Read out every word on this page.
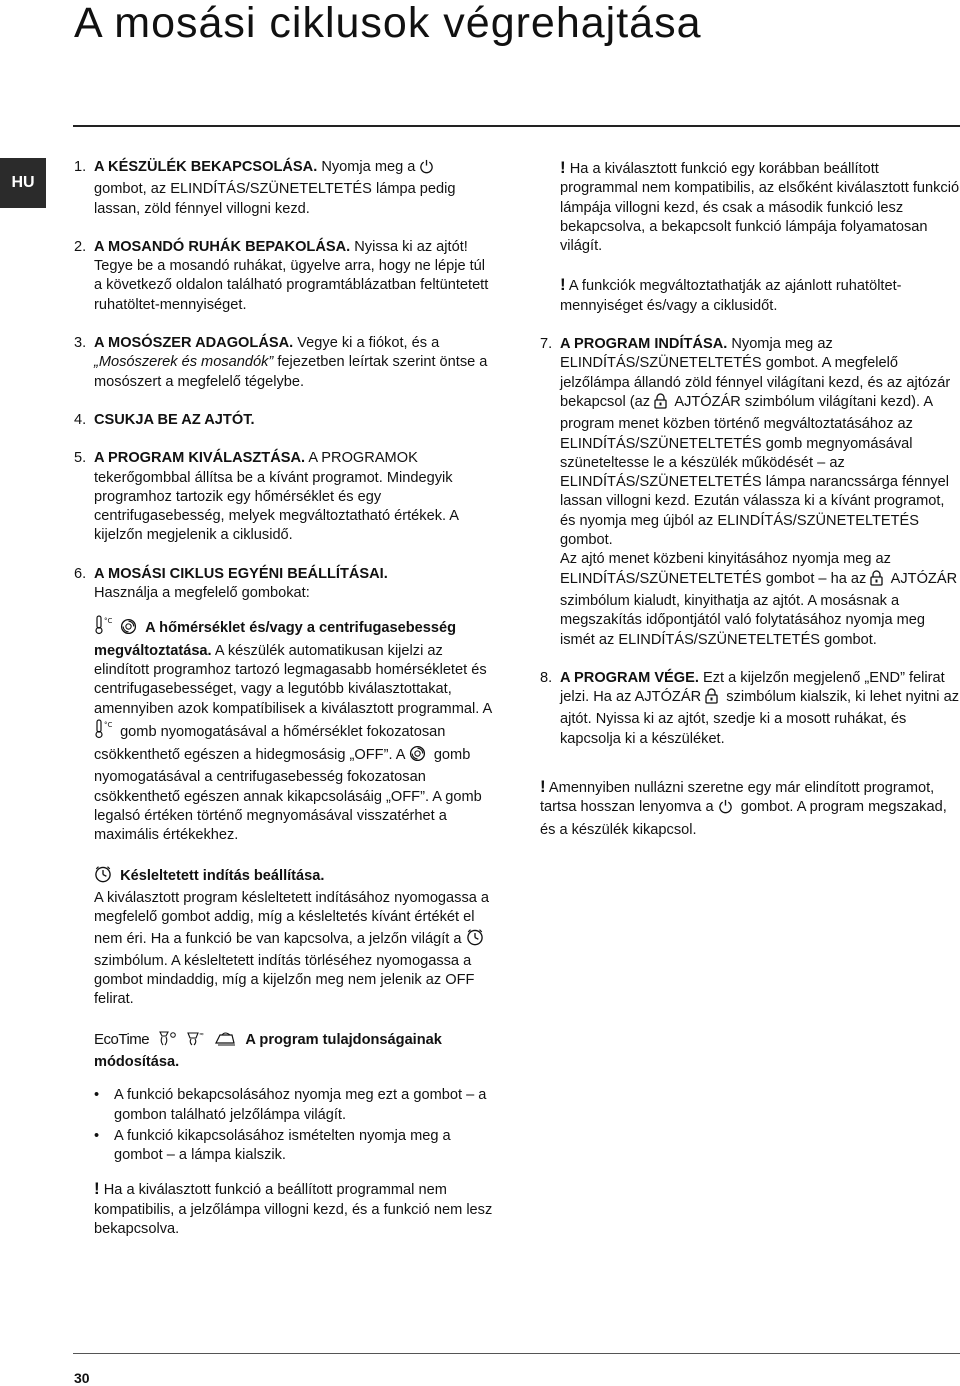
A mosási ciklusok végrehajtása
HU
1. A KÉSZÜLÉK BEKAPCSOLÁSA. Nyomja meg a  gombot, az ELINDÍTÁS/SZÜNETELTETÉS lámpa pedig lassan, zöld fénnyel villogni kezd.
2. A MOSANDÓ RUHÁK BEPAKOLÁSA. Nyissa ki az ajtót! Tegye be a mosandó ruhákat, ügyelve arra, hogy ne lépje túl a következő oldalon található programtáblázatban feltüntetett ruhatöltet-mennyiséget.
3. A MOSÓSZER ADAGOLÁSA. Vegye ki a fiókot, és a „Mosószerek és mosandók” fejezetben leírtak szerint öntse a mosószert a megfelelő tégelybe.
4. CSUKJA BE AZ AJTÓT.
5. A PROGRAM KIVÁLASZTÁSA. A PROGRAMOK tekerőgombbal állítsa be a kívánt programot. Mindegyik programhoz tartozik egy hőmérséklet és egy centrifugasebesség, melyek megváltoztatható értékek. A kijelzőn megjelenik a ciklusidő.
6. A MOSÁSI CIKLUS EGYÉNI BEÁLLÍTÁSAI.
Használja a megfelelő gombokat:
°C A hőmérséklet és/vagy a centrifugasebesség megváltoztatása. A készülék automatikusan kijelzi az elindított programhoz tartozó legmagasabb homérsékletet és centrifugasebességet, vagy a legutóbb kiválasztottakat, amennyiben azok kompatíbilisek a kiválasztott programmal. A
°C gomb nyomogatásával a hőmérséklet fokozatosan csökkenthető egészen a hidegmosásig „OFF”. A gomb nyomogatásával a centrifugasebesség fokozatosan csökkenthető egészen annak kikapcsolásáig „OFF”. A gomb legalsó értéken történő megnyomásával visszatérhet a maximális értékekhez.
Késleltetett indítás beállítása.
A kiválasztott program késleltetett indításához nyomogassa a megfelelő gombot addig, míg a késleltetés kívánt értékét el nem éri. Ha a funkció be van kapcsolva, a jelzőn világít a  szimbólum. A késleltetett indítás törléséhez nyomogassa a gombot mindaddig, míg a kijelzőn meg nem jelenik az OFF felirat.
EcoTime	≈	A program tulajdonságainak módosítása.
• A funkció bekapcsolásához nyomja meg ezt a gombot – a gombon található jelzőlámpa világít.
• A funkció kikapcsolásához ismételten nyomja meg a gombot – a lámpa kialszik.
! Ha a kiválasztott funkció a beállított programmal nem kompatibilis, a jelzőlámpa villogni kezd, és a funkció nem lesz bekapcsolva.
! Ha a kiválasztott funkció egy korábban beállított programmal nem kompatibilis, az elsőként kiválasztott funkció lámpája villogni kezd, és csak a második funkció lesz bekapcsolva, a bekapcsolt funkció lámpája folyamatosan világít.
! A funkciók megváltoztathatják az ajánlott ruhatöltet-mennyiséget és/vagy a ciklusidőt.
7. A PROGRAM INDÍTÁSA. Nyomja meg az ELINDÍTÁS/SZÜNETELTETÉS gombot. A megfelelő jelzőlámpa állandó zöld fénnyel világítani kezd, és az ajtózár bekapcsol (az AJTÓZÁR szimbólum világítani kezd). A program menet közben történő megváltoztatásához az ELINDÍTÁS/SZÜNETELTETÉS gomb megnyomásával szüneteltesse le a készülék működését – az ELINDÍTÁS/SZÜNETELTETÉS lámpa narancssárga fénnyel lassan villogni kezd. Ezután válassza ki a kívánt programot, és nyomja meg újból az ELINDÍTÁS/SZÜNETELTETÉS gombot.
Az ajtó menet közbeni kinyitásához nyomja meg az ELINDÍTÁS/SZÜNETELTETÉS gombot – ha az AJTÓZÁR szimbólum kialudt, kinyithatja az ajtót. A mosásnak a megszakítás időpontjától való folytatásához nyomja meg ismét az ELINDÍTÁS/SZÜNETELTETÉS gombot.
8. A PROGRAM VÉGE. Ezt a kijelzőn megjelenő „END” felirat jelzi. Ha az AJTÓZÁR szimbólum kialszik, ki lehet nyitni az ajtót. Nyissa ki az ajtót, szedje ki a mosott ruhákat, és kapcsolja ki a készüléket.
! Amennyiben nullázni szeretne egy már elindított programot, tartsa hosszan lenyomva a gombot. A program megszakad, és a készülék kikapcsol.
30
